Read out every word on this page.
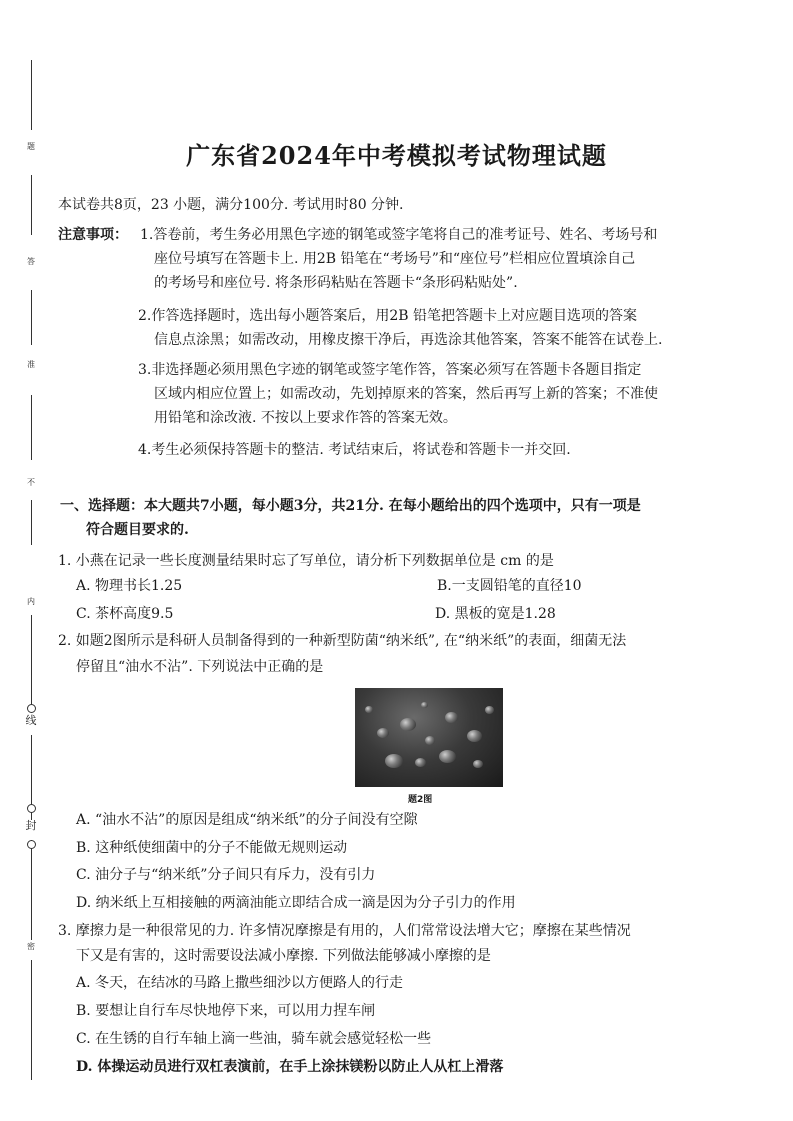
题
答
准
不
内
线
封
密
广东省2024年中考模拟考试物理试题
本试卷共8页，23 小题，满分100分. 考试用时80 分钟.
注意事项： 1.答卷前，考生务必用黑色字迹的钢笔或签字笔将自己的准考证号、姓名、考场号和
座位号填写在答题卡上. 用2B 铅笔在“考场号”和“座位号”栏相应位置填涂自己
的考场号和座位号. 将条形码粘贴在答题卡“条形码粘贴处”.
2.作答选择题时，选出每小题答案后，用2B 铅笔把答题卡上对应题目选项的答案
信息点涂黑；如需改动，用橡皮擦干净后，再选涂其他答案，答案不能答在试卷上.
3.非选择题必须用黑色字迹的钢笔或签字笔作答，答案必须写在答题卡各题目指定
区域内相应位置上；如需改动，先划掉原来的答案，然后再写上新的答案；不准使
用铅笔和涂改液. 不按以上要求作答的答案无效。
4.考生必须保持答题卡的整洁. 考试结束后，将试卷和答题卡一并交回.
一、选择题：本大题共7小题，每小题3分，共21分. 在每小题给出的四个选项中，只有一项是
符合题目要求的.
1. 小燕在记录一些长度测量结果时忘了写单位，请分析下列数据单位是 cm 的是
A. 物理书长1.25	B.一支圆铅笔的直径10
C. 茶杯高度9.5	D. 黑板的宽是1.28
2. 如题2图所示是科研人员制备得到的一种新型防菌“纳米纸”, 在“纳米纸”的表面，细菌无法
停留且“油水不沾”. 下列说法中正确的是
题2图
A. “油水不沾”的原因是组成“纳米纸”的分子间没有空隙
B. 这种纸使细菌中的分子不能做无规则运动
C. 油分子与“纳米纸”分子间只有斥力，没有引力
D. 纳米纸上互相接触的两滴油能立即结合成一滴是因为分子引力的作用
3. 摩擦力是一种很常见的力. 许多情况摩擦是有用的，人们常常设法增大它；摩擦在某些情况
下又是有害的，这时需要设法减小摩擦. 下列做法能够减小摩擦的是
A. 冬天，在结冰的马路上撒些细沙以方便路人的行走
B. 要想让自行车尽快地停下来，可以用力捏车闸
C. 在生锈的自行车轴上滴一些油，骑车就会感觉轻松一些
D. 体操运动员进行双杠表演前，在手上涂抹镁粉以防止人从杠上滑落
